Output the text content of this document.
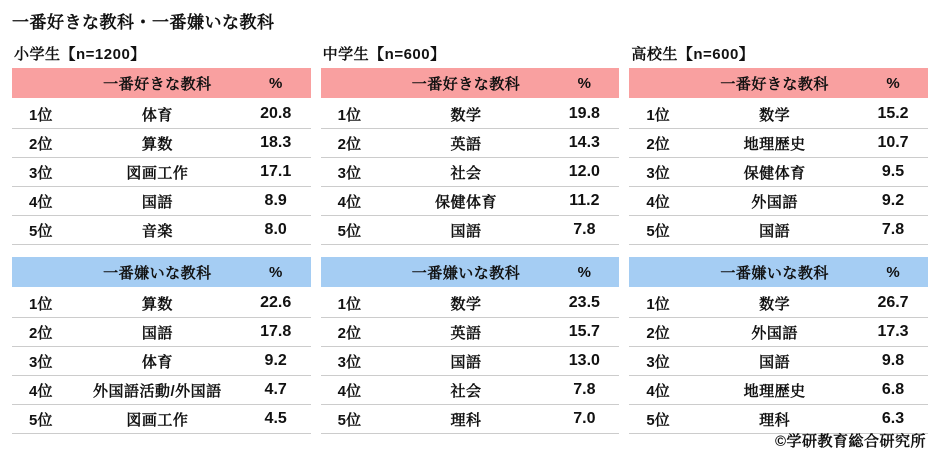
一番好きな教科・一番嫌いな教科
小学生【n=1200】
一番好きな教科	%
1位	体育	20.8
2位	算数	18.3
3位	図画工作	17.1
4位	国語	8.9
5位	音楽	8.0
一番嫌いな教科	%
1位	算数	22.6
2位	国語	17.8
3位	体育	9.2
4位	外国語活動/外国語	4.7
5位	図画工作	4.5
中学生【n=600】
一番好きな教科	%
1位	数学	19.8
2位	英語	14.3
3位	社会	12.0
4位	保健体育	11.2
5位	国語	7.8
一番嫌いな教科	%
1位	数学	23.5
2位	英語	15.7
3位	国語	13.0
4位	社会	7.8
5位	理科	7.0
高校生【n=600】
一番好きな教科	%
1位	数学	15.2
2位	地理歴史	10.7
3位	保健体育	9.5
4位	外国語	9.2
5位	国語	7.8
一番嫌いな教科	%
1位	数学	26.7
2位	外国語	17.3
3位	国語	9.8
4位	地理歴史	6.8
5位	理科	6.3
©学研教育総合研究所
